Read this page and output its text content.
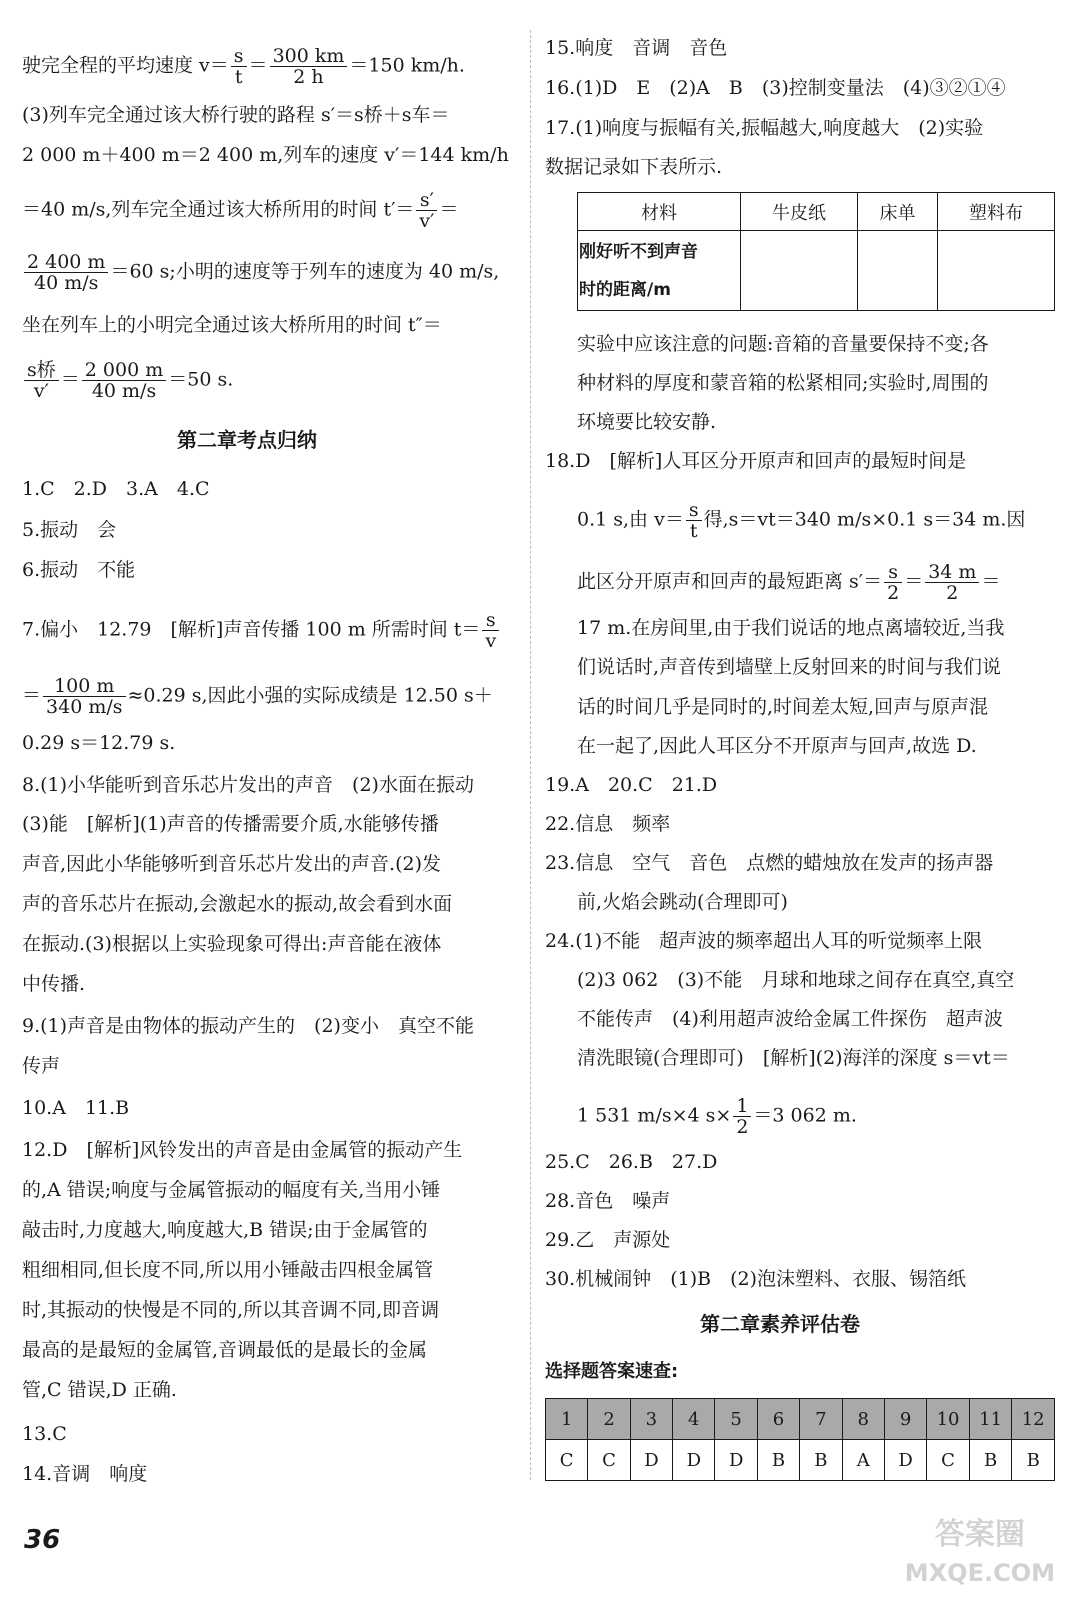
驶完全程的平均速度 $v= \frac{s}{t} = \frac{300 km}{2 h} =150$ km/h.
(3)列车完全通过该大桥行驶的路程 s′＝s桥＋s车＝
2 000 m＋400 m＝2 400 m,列车的速度 v′＝144 km/h
＝40 m/s,列车完全通过该大桥所用的时间 $t'= \frac{s'}{v'}$ ＝
$\frac{2 400 m}{40 m/s} =60$ s;小明的速度等于列车的速度为 40 m/s,
坐在列车上的小明完全通过该大桥所用的时间 t″＝
$\frac{\text{s桥}}{v'} = \frac{2 000 m}{40 m/s} =50$ s.
第二章考点归纳
1.C　2.D　3.A　4.C
5.振动　会
6.振动　不能
7.偏小　12.79　[解析]声音传播 100 m 所需时间 $t= \frac{s}{v}$
＝ $\frac{100 m}{340 m/s} \approx 0.29$ s,因此小强的实际成绩是 12.50 s＋
0.29 s＝12.79 s.
8.(1)小华能听到音乐芯片发出的声音　(2)水面在振动
(3)能　[解析](1)声音的传播需要介质,水能够传播
声音,因此小华能够听到音乐芯片发出的声音.(2)发
声的音乐芯片在振动,会激起水的振动,故会看到水面
在振动.(3)根据以上实验现象可得出:声音能在液体
中传播.
9.(1)声音是由物体的振动产生的　(2)变小　真空不能
传声
10.A　11.B
12.D　[解析]风铃发出的声音是由金属管的振动产生
的,A 错误;响度与金属管振动的幅度有关,当用小锤
敲击时,力度越大,响度越大,B 错误;由于金属管的
粗细相同,但长度不同,所以用小锤敲击四根金属管
时,其振动的快慢是不同的,所以其音调不同,即音调
最高的是最短的金属管,音调最低的是最长的金属
管,C 错误,D 正确.
13.C
14.音调　响度
15.响度　音调　音色
16.(1)D　E　(2)A　B　(3)控制变量法　(4)③②①④
17.(1)响度与振幅有关,振幅越大,响度越大　(2)实验
数据记录如下表所示.
材料	牛皮纸	床单	塑料布

刚好听不到声音
时的距离/m			

实验中应该注意的问题:音箱的音量要保持不变;各
种材料的厚度和蒙音箱的松紧相同;实验时,周围的
环境要比较安静.
18.D　[解析]人耳区分开原声和回声的最短时间是
0.1 s,由 $v= \frac{s}{t}$ 得,s＝vt＝340 m/s×0.1 s＝34 m.因
此区分开原声和回声的最短距离 $s'= \frac{s}{2} = \frac{34 m}{2}$ ＝
17 m.在房间里,由于我们说话的地点离墙较近,当我
们说话时,声音传到墙壁上反射回来的时间与我们说
话的时间几乎是同时的,时间差太短,回声与原声混
在一起了,因此人耳区分不开原声与回声,故选 D.
19.A　20.C　21.D
22.信息　频率
23.信息　空气　音色　点燃的蜡烛放在发声的扬声器
前,火焰会跳动(合理即可)
24.(1)不能　超声波的频率超出人耳的听觉频率上限
(2)3 062　(3)不能　月球和地球之间存在真空,真空
不能传声　(4)利用超声波给金属工件探伤　超声波
清洗眼镜(合理即可)　[解析](2)海洋的深度 s＝vt＝
1 531 m/s×4 $s\times \frac{1}{2} =3$ 062 m.
25.C　26.B　27.D
28.音色　噪声
29.乙　声源处
30.机械闹钟　(1)B　(2)泡沫塑料、衣服、锡箔纸
第二章素养评估卷
选择题答案速查:
1	2	3	4	5	6	7	8	9	10	11	12
C	C	D	D	D	B	B	A	D	C	B	B
36	答案圈
MXQE.COM
